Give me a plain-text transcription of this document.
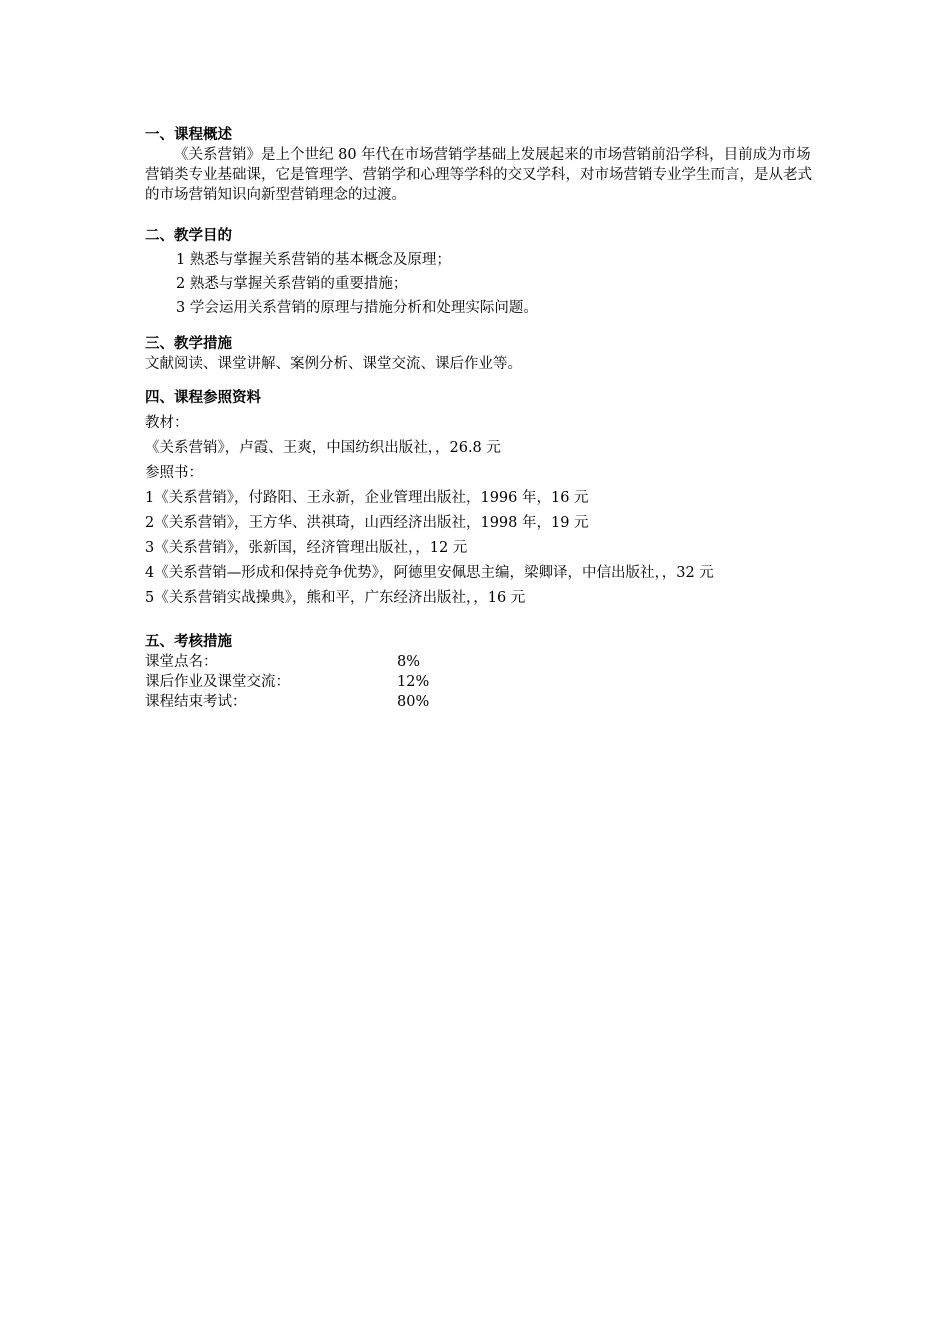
一、课程概述
《关系营销》是上个世纪 80 年代在市场营销学基础上发展起来的市场营销前沿学科，目前成为市场营销类专业基础课，它是管理学、营销学和心理等学科的交叉学科，对市场营销专业学生而言，是从老式的市场营销知识向新型营销理念的过渡。
二、教学目的
1 熟悉与掌握关系营销的基本概念及原理；
2 熟悉与掌握关系营销的重要措施；
3 学会运用关系营销的原理与措施分析和处理实际问题。
三、教学措施
文献阅读、课堂讲解、案例分析、课堂交流、课后作业等。
四、课程参照资料
教材：
《关系营销》，卢霞、王爽，中国纺织出版社，，26.8 元
参照书：
1《关系营销》，付路阳、王永新，企业管理出版社，1996 年，16 元
2《关系营销》，王方华、洪祺琦，山西经济出版社，1998 年，19 元
3《关系营销》，张新国，经济管理出版社，，12 元
4《关系营销—形成和保持竞争优势》，阿德里安佩思主编，梁卿译，中信出版社，，32 元
5《关系营销实战操典》，熊和平，广东经济出版社，，16 元
五、考核措施
课堂点名：	8%
课后作业及课堂交流：	12%
课程结束考试：	80%
